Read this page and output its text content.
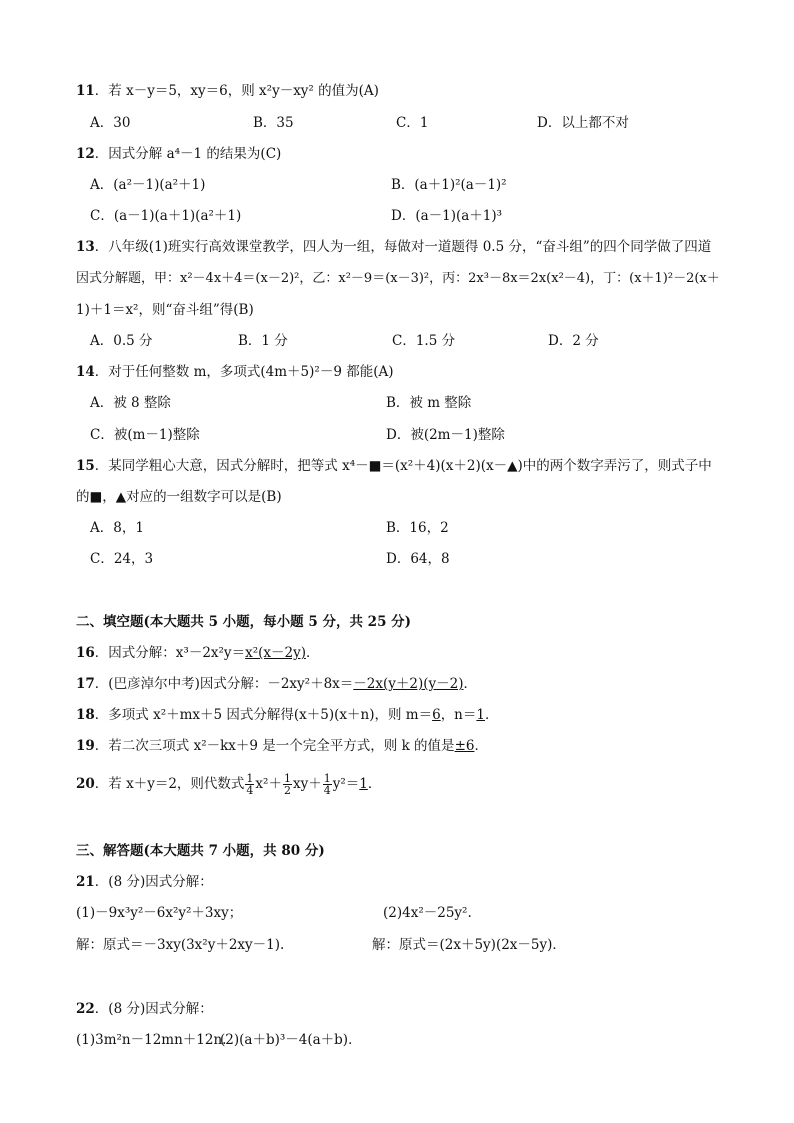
11．若 x－y＝5，xy＝6，则 x²y－xy² 的值为(A)
A．30	B．35	C．1	D．以上都不对
12．因式分解 a⁴－1 的结果为(C)
A．(a²－1)(a²＋1)	B．(a＋1)²(a－1)²
C．(a－1)(a＋1)(a²＋1)	D．(a－1)(a＋1)³
13．八年级(1)班实行高效课堂教学，四人为一组，每做对一道题得 0.5 分，“奋斗组”的四个同学做了四道
因式分解题，甲：x²－4x＋4＝(x－2)²，乙：x²－9＝(x－3)²，丙：2x³－8x＝2x(x²－4)，丁：(x＋1)²－2(x＋
1)＋1＝x²，则“奋斗组”得(B)
A．0.5 分	B．1 分	C．1.5 分	D．2 分
14．对于任何整数 m，多项式(4m＋5)²－9 都能(A)
A．被 8 整除	B．被 m 整除
C．被(m－1)整除	D．被(2m－1)整除
15．某同学粗心大意，因式分解时，把等式 x⁴－■＝(x²＋4)(x＋2)(x－▲)中的两个数字弄污了，则式子中
的■，▲对应的一组数字可以是(B)
A．8，1	B．16，2
C．24，3	D．64，8
二、填空题(本大题共 5 小题，每小题 5 分，共 25 分)
16．因式分解：x³－2x²y＝x²(x－2y)．
17．(巴彦淖尔中考)因式分解：－2xy²＋8x＝－2x(y＋2)(y－2)．
18．多项式 x²＋mx＋5 因式分解得(x＋5)(x＋n)，则 m＝6，n＝1．
19．若二次三项式 x²－kx＋9 是一个完全平方式，则 k 的值是±6．
20．若 x＋y＝2，则代数式 $\frac{1}{4} x^2+ \frac{1}{2} xy+ \frac{1}{4} y^2=1$．
三、解答题(本大题共 7 小题，共 80 分)
21．(8 分)因式分解：
(1)－9x³y²－6x²y²＋3xy；	(2)4x²－25y².
解：原式＝－3xy(3x²y＋2xy－1).	解：原式＝(2x＋5y)(2x－5y)．
22．(8 分)因式分解：
(1)3m²n－12mn＋12n.
(2)(a＋b)³－4(a＋b)．
